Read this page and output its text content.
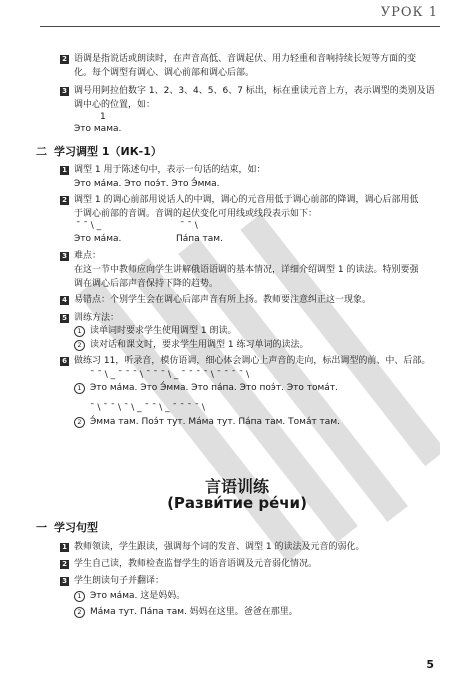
УРОК 1
2 语调是指说话或朗读时，在声音高低、音调起伏、用力轻重和音响持续长短等方面的变
化。每个调型有调心、调心前部和调心后部。
3 调号用阿拉伯数字 1、2、3、4、5、6、7 标出，标在重读元音上方，表示调型的类别及语
调中心的位置，如：
1
Это мама.
二 学习调型 1（ИК-1）
1 调型 1 用于陈述句中，表示一句话的结束，如：
Это ма́ма. Это поэ́т. Это Э́мма.
2 调型 1 的调心前部用说话人的中调，调心的元音用低于调心前部的降调，调心后部用低
于调心前部的音调。音调的起伏变化可用线或线段表示如下：
¯ ¯ \ _	¯ ¯ \
Это ма́ма.	Па́па там.
3 难点：
在这一节中教师应向学生讲解俄语语调的基本情况，详细介绍调型 1 的读法。特别要强
调在调心后部声音保持下降的趋势。
4 易错点：个别学生会在调心后部声音有所上扬。教师要注意纠正这一现象。
5 训练方法：
1 读单词时要求学生使用调型 1 朗读。
2 读对话和课文时，要求学生用调型 1 练习单词的读法。
6 做练习 11，听录音，模仿语调，细心体会调心上声音的走向，标出调型的前、中、后部。
¯ ¯ \ _ ¯ ¯ ¯ \ ¯ ¯ ¯ \ _ ¯ ¯ ¯ ¯ \ ¯ ¯ ¯ ¯ \
1 Это ма́ма. Это Э́мма. Это па́па. Это поэ́т. Это тома́т.
¯ \ ¯ ¯ \ ¯ \ _ ¯ ¯ \ _ ¯ ¯ ¯ ¯ \
2 Э́мма там. Поэ́т тут. Ма́ма тут. Па́па там. Тома́т там.
言语训练
(Разви́тие ре́чи)
一 学习句型
1 教师领读，学生跟读，强调每个词的发音、调型 1 的读法及元音的弱化。
2 学生自己读，教师检查监督学生的语音语调及元音弱化情况。
3 学生朗读句子并翻译：
1 Это ма́ма. 这是妈妈。
2 Ма́ма тут. Па́па там. 妈妈在这里。爸爸在那里。
5
